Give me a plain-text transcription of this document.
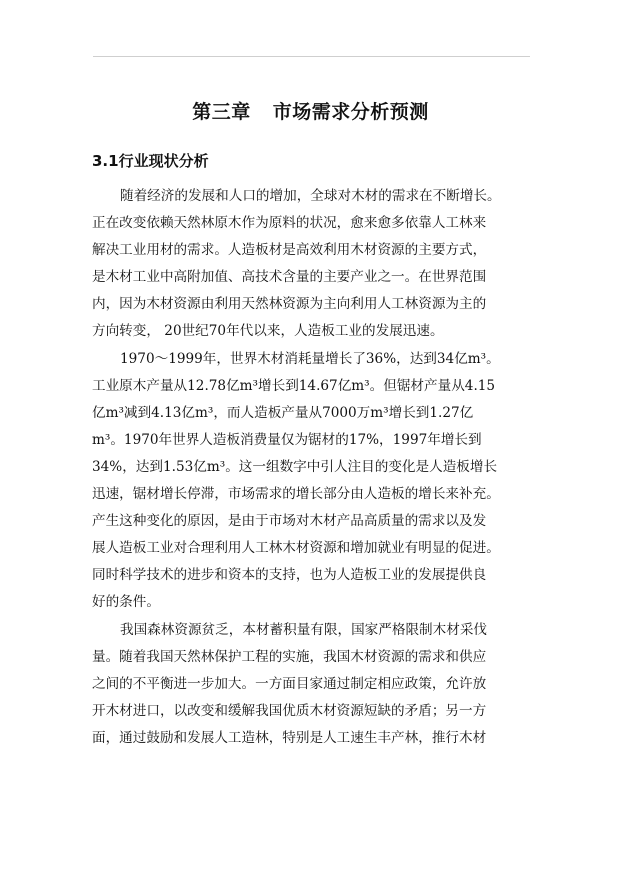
第三章 市场需求分析预测
3.1行业现状分析
随着经济的发展和人口的增加，全球对木材的需求在不断增长。
正在改变依赖天然林原木作为原料的状况，愈来愈多依靠人工林来
解决工业用材的需求。人造板材是高效利用木材资源的主要方式，
是木材工业中高附加值、高技术含量的主要产业之一。在世界范围
内，因为木材资源由利用天然林资源为主向利用人工林资源为主的
方向转变， 20世纪70年代以来，人造板工业的发展迅速。
1970～1999年，世界木材消耗量增长了36%，达到34亿m³。
工业原木产量从12.78亿m³增长到14.67亿m³。但锯材产量从4.15
亿m³减到4.13亿m³，而人造板产量从7000万m³增长到1.27亿
m³。1970年世界人造板消费量仅为锯材的17%，1997年增长到
34%，达到1.53亿m³。这一组数字中引人注目的变化是人造板增长
迅速，锯材增长停滞，市场需求的增长部分由人造板的增长来补充。
产生这种变化的原因，是由于市场对木材产品高质量的需求以及发
展人造板工业对合理利用人工林木材资源和增加就业有明显的促进。
同时科学技术的进步和资本的支持，也为人造板工业的发展提供良
好的条件。
我国森林资源贫乏，本材蓄积量有限，国家严格限制木材采伐
量。随着我国天然林保护工程的实施，我国木材资源的需求和供应
之间的不平衡进一步加大。一方面目家通过制定相应政策，允许放
开木材进口，以改变和缓解我国优质木材资源短缺的矛盾；另一方
面，通过鼓励和发展人工造林，特别是人工速生丰产林，推行木材
